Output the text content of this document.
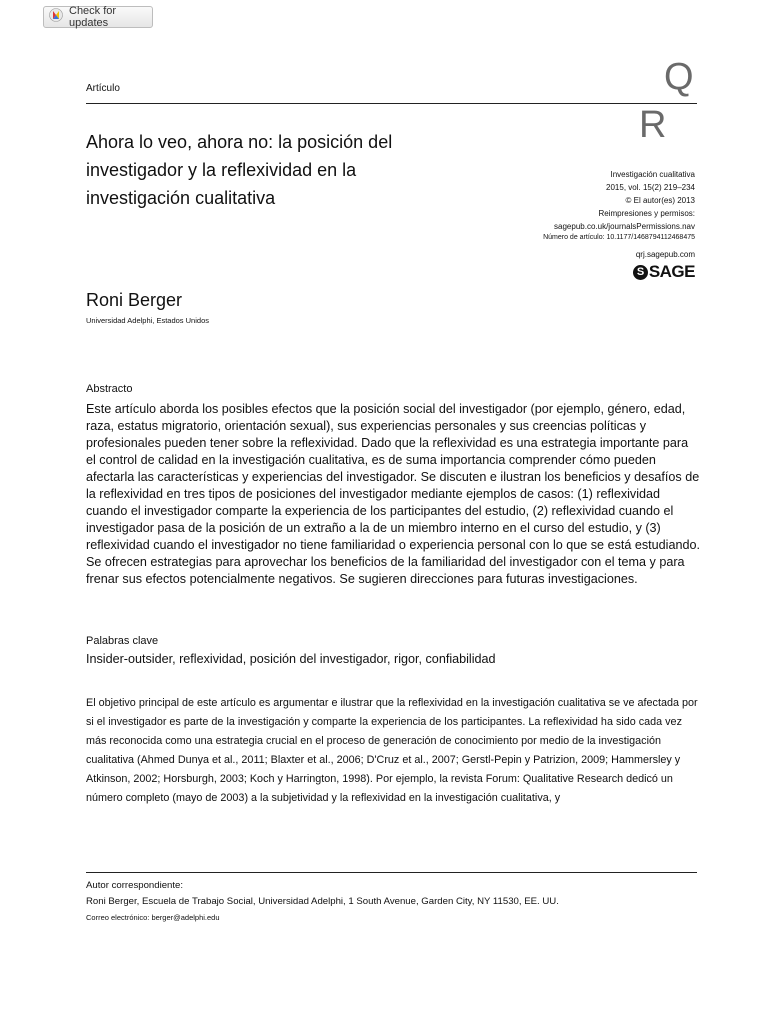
Check for updates
Artículo	Q
R
Ahora lo veo, ahora no: la posición del investigador y la reflexividad en la investigación cualitativa
Investigación cualitativa
2015, vol. 15(2) 219–234
© El autor(es) 2013
Reimpresiones y permisos:
sagepub.co.uk/journalsPermissions.nav
Número de artículo: 10.1177/1468794112468475
qrj.sagepub.com
S SAGE
Roni Berger
Universidad Adelphi, Estados Unidos
Abstracto
Este artículo aborda los posibles efectos que la posición social del investigador (por ejemplo, género, edad, raza, estatus migratorio, orientación sexual), sus experiencias personales y sus creencias políticas y profesionales pueden tener sobre la reflexividad. Dado que la reflexividad es una estrategia importante para el control de calidad en la investigación cualitativa, es de suma importancia comprender cómo pueden afectarla las características y experiencias del investigador. Se discuten e ilustran los beneficios y desafíos de la reflexividad en tres tipos de posiciones del investigador mediante ejemplos de casos: (1) reflexividad cuando el investigador comparte la experiencia de los participantes del estudio, (2) reflexividad cuando el investigador pasa de la posición de un extraño a la de un miembro interno en el curso del estudio, y (3) reflexividad cuando el investigador no tiene familiaridad o experiencia personal con lo que se está estudiando. Se ofrecen estrategias para aprovechar los beneficios de la familiaridad del investigador con el tema y para frenar sus efectos potencialmente negativos. Se sugieren direcciones para futuras investigaciones.
Palabras clave
Insider-outsider, reflexividad, posición del investigador, rigor, confiabilidad
El objetivo principal de este artículo es argumentar e ilustrar que la reflexividad en la investigación cualitativa se ve afectada por si el investigador es parte de la investigación y comparte la experiencia de los participantes. La reflexividad ha sido cada vez más reconocida como una estrategia crucial en el proceso de generación de conocimiento por medio de la investigación cualitativa (Ahmed Dunya et al., 2011; Blaxter et al., 2006; D'Cruz et al., 2007; Gerstl-Pepin y Patrizion, 2009; Hammersley y Atkinson, 2002; Horsburgh, 2003; Koch y Harrington, 1998). Por ejemplo, la revista Forum: Qualitative Research dedicó un número completo (mayo de 2003) a la subjetividad y la reflexividad en la investigación cualitativa, y
Autor correspondiente:
Roni Berger, Escuela de Trabajo Social, Universidad Adelphi, 1 South Avenue, Garden City, NY 11530, EE. UU.
Correo electrónico: berger@adelphi.edu
